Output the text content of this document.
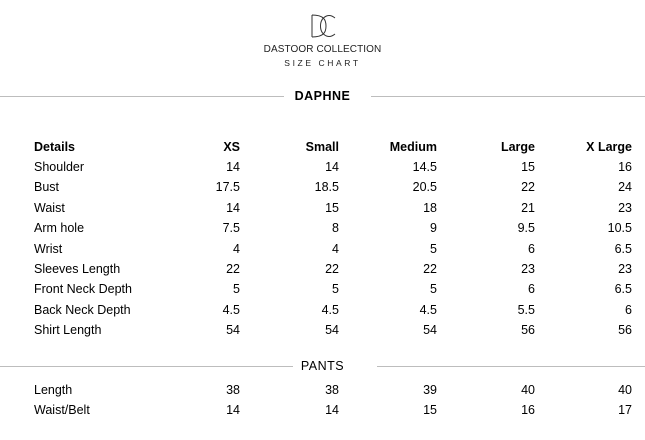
DASTOOR COLLECTION
SIZE CHART
DAPHNE
Details	XS	Small	Medium	Large	X Large
Shoulder	14	14	14.5	15	16
Bust	17.5	18.5	20.5	22	24
Waist	14	15	18	21	23
Arm hole	7.5	8	9	9.5	10.5
Wrist	4	4	5	6	6.5
Sleeves Length	22	22	22	23	23
Front Neck Depth	5	5	5	6	6.5
Back Neck Depth	4.5	4.5	4.5	5.5	6
Shirt Length	54	54	54	56	56
PANTS
Length	38	38	39	40	40
Waist/Belt	14	14	15	16	17
